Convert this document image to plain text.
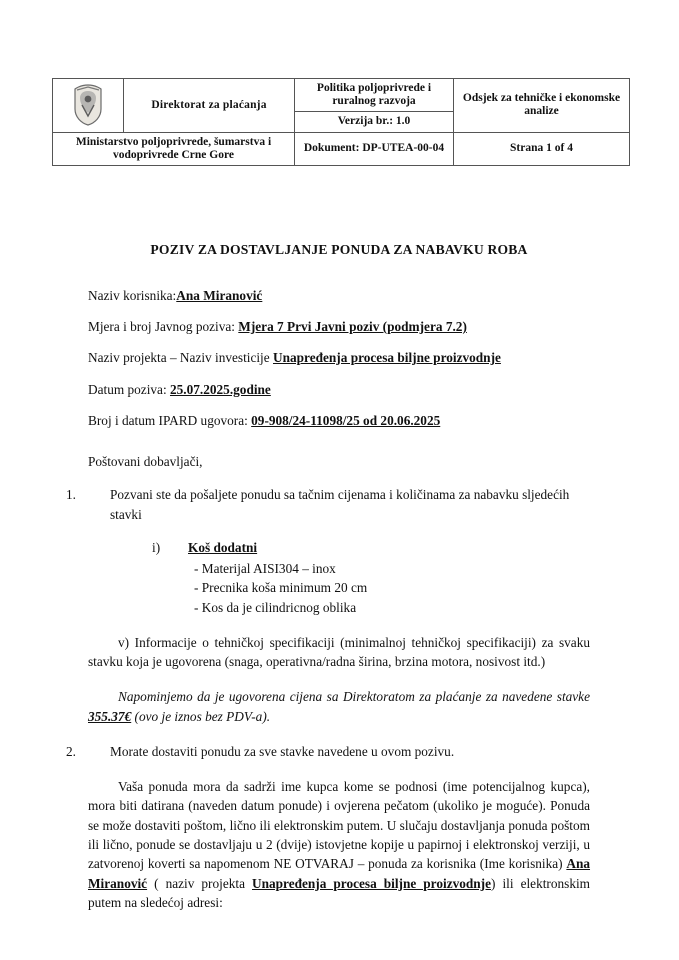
	Direktorat za plaćanja	Politika poljoprivrede i ruralnog razvoja	Odsjek za tehničke i ekonomske analize
		Verzija br.: 1.0	
Ministarstvo poljoprivrede, šumarstva i vodoprivrede Crne Gore		Dokument: DP-UTEA-00-04	Strana 1 of 4
POZIV ZA DOSTAVLJANJE PONUDA ZA NABAVKU ROBA
Naziv korisnika:Ana Miranović
Mjera i broj Javnog poziva: Mjera 7 Prvi Javni poziv (podmjera 7.2)
Naziv projekta – Naziv investicije Unapređenja procesa biljne proizvodnje
Datum poziva: 25.07.2025.godine
Broj i datum IPARD ugovora: 09-908/24-11098/25 od 20.06.2025
Poštovani dobavljači,
1.	Pozvani ste da pošaljete ponudu sa tačnim cijenama i količinama za nabavku sljedećih stavki
i) Koš dodatni
- Materijal AISI304 – inox
- Precnika koša minimum 20 cm
- Kos da je cilindricnog oblika
v) Informacije o tehničkoj specifikaciji (minimalnoj tehničkoj specifikaciji) za svaku stavku koja je ugovorena (snaga, operativna/radna širina, brzina motora, nosivost itd.)
Napominjemo da je ugovorena cijena sa Direktoratom za plaćanje za navedene stavke 355.37€ (ovo je iznos bez PDV-a).
2.	Morate dostaviti ponudu za sve stavke navedene u ovom pozivu.
Vaša ponuda mora da sadrži ime kupca kome se podnosi (ime potencijalnog kupca), mora biti datirana (naveden datum ponude) i ovjerena pečatom (ukoliko je moguće). Ponuda se može dostaviti poštom, lično ili elektronskim putem. U slučaju dostavljanja ponuda poštom ili lično, ponude se dostavljaju u 2 (dvije) istovjetne kopije u papirnoj i elektronskoj verziji, u zatvorenoj koverti sa napomenom NE OTVARAJ – ponuda za korisnika (Ime korisnika) Ana Miranović ( naziv projekta Unapređenja procesa biljne proizvodnje) ili elektronskim putem na sledećoj adresi:
